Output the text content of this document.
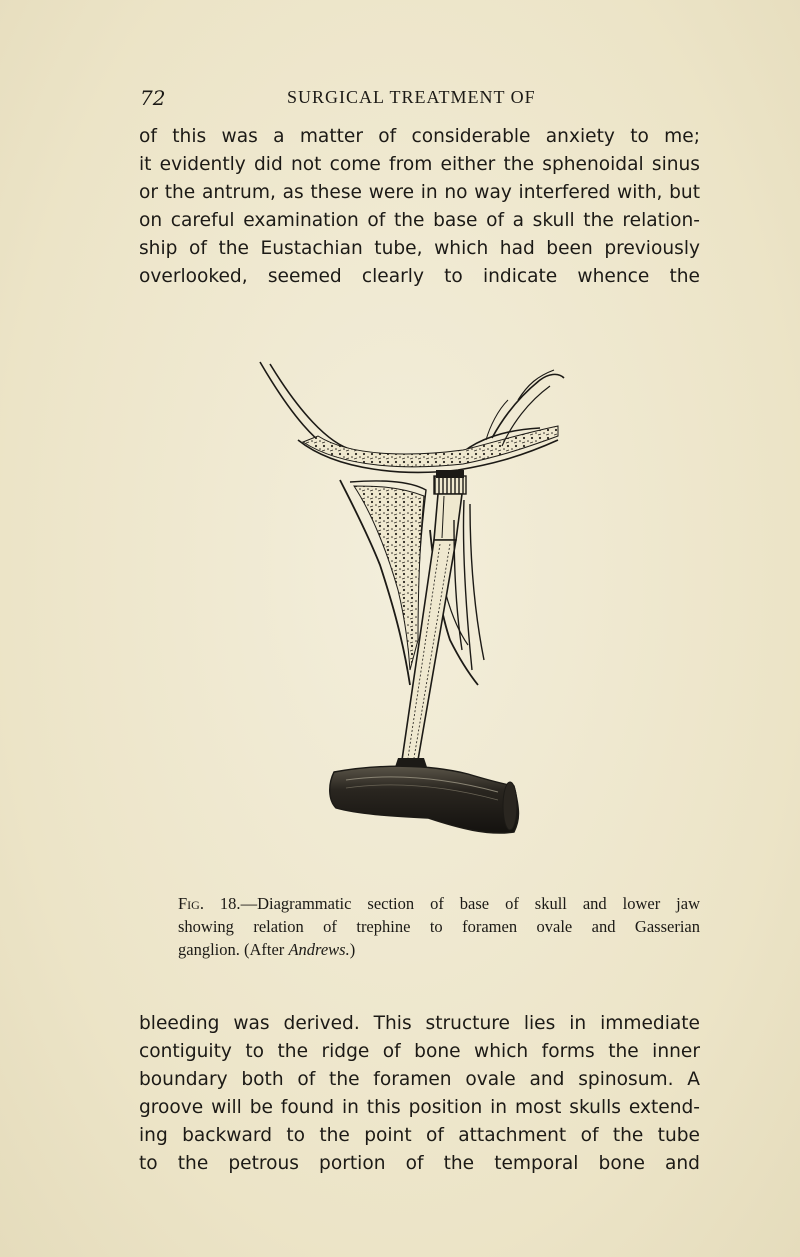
72	SURGICAL TREATMENT OF

of this was a matter of considerable anxiety to me;
it evidently did not come from either the sphenoidal sinus
or the antrum, as these were in no way interfered with, but
on careful examination of the base of a skull the relation-
ship of the Eustachian tube, which had been previously
overlooked, seemed clearly to indicate whence the

Fig. 18.—Diagrammatic section of base of skull and lower jaw
showing relation of trephine to foramen ovale and Gasserian
ganglion. (After Andrews.)

bleeding was derived. This structure lies in immediate
contiguity to the ridge of bone which forms the inner
boundary both of the foramen ovale and spinosum. A
groove will be found in this position in most skulls extend-
ing backward to the point of attachment of the tube
to the petrous portion of the temporal bone and
